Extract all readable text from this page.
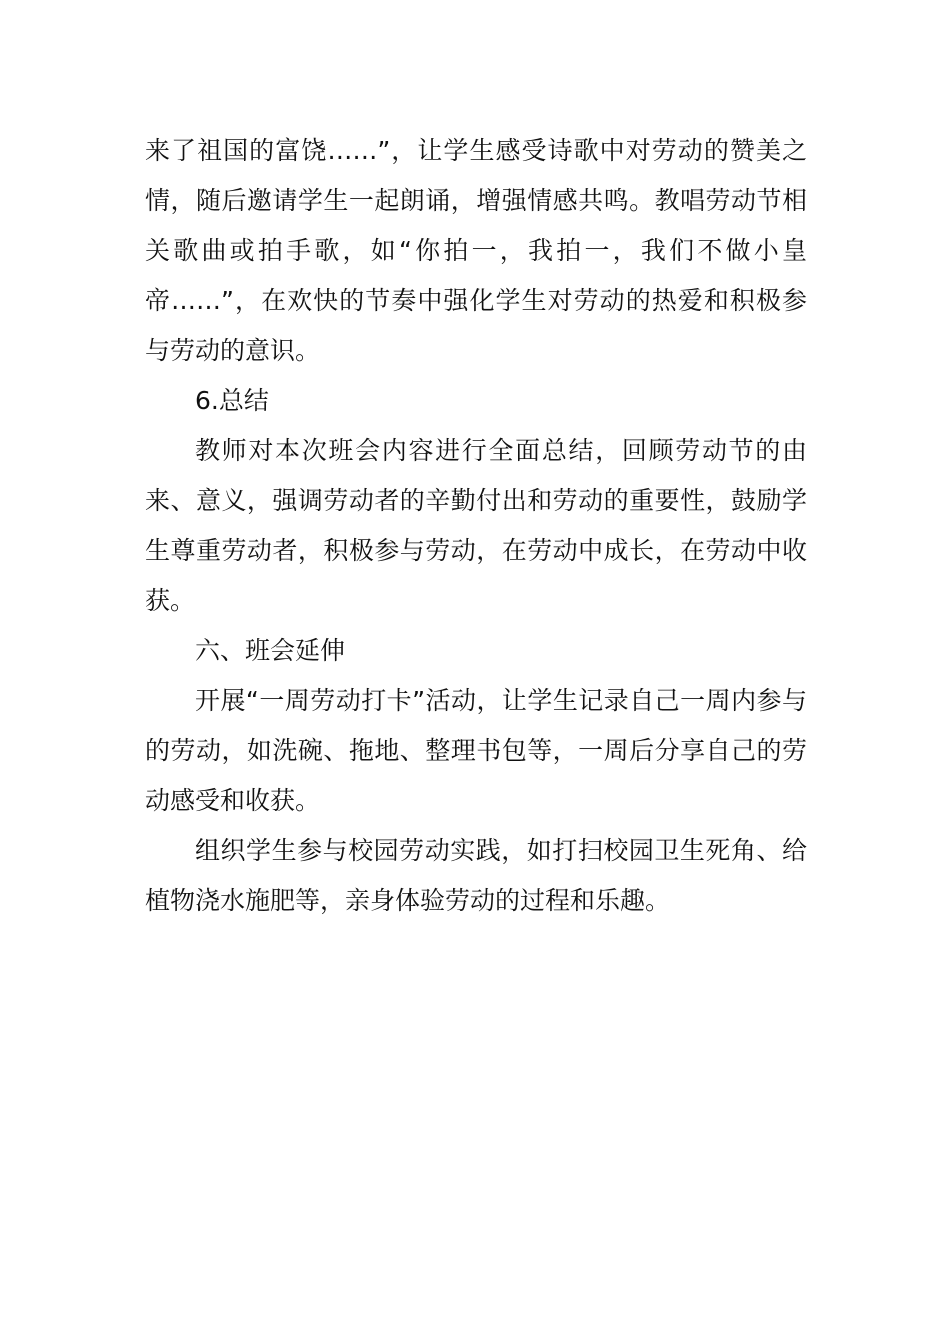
来了祖国的富饶……”，让学生感受诗歌中对劳动的赞美之情，随后邀请学生一起朗诵，增强情感共鸣。教唱劳动节相关歌曲或拍手歌，如“你拍一，我拍一，我们不做小皇帝……”，在欢快的节奏中强化学生对劳动的热爱和积极参与劳动的意识。

6.总结

教师对本次班会内容进行全面总结，回顾劳动节的由来、意义，强调劳动者的辛勤付出和劳动的重要性，鼓励学生尊重劳动者，积极参与劳动，在劳动中成长，在劳动中收获。

六、班会延伸

开展“一周劳动打卡”活动，让学生记录自己一周内参与的劳动，如洗碗、拖地、整理书包等，一周后分享自己的劳动感受和收获。

组织学生参与校园劳动实践，如打扫校园卫生死角、给植物浇水施肥等，亲身体验劳动的过程和乐趣。
